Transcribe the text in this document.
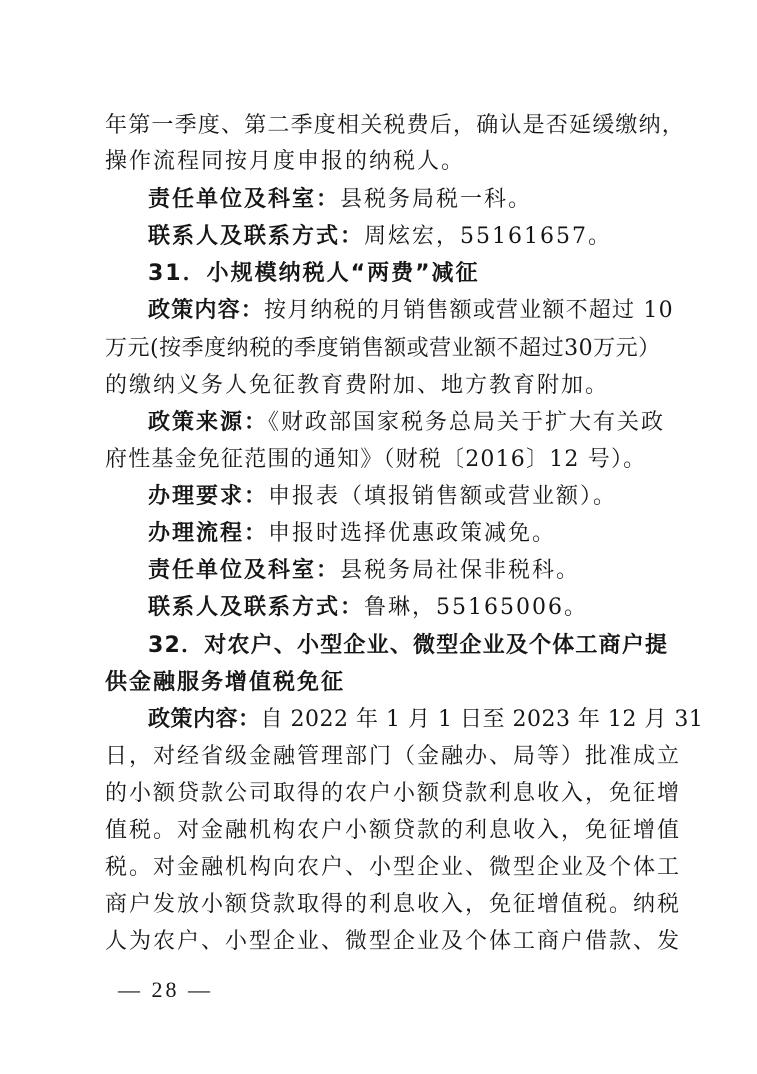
年第一季度、第二季度相关税费后，确认是否延缓缴纳，
操作流程同按月度申报的纳税人。
责任单位及科室：县税务局税一科。
联系人及联系方式：周炫宏，55161657。
31．小规模纳税人“两费”减征
政策内容：按月纳税的月销售额或营业额不超过 10
万元(按季度纳税的季度销售额或营业额不超过30万元）
的缴纳义务人免征教育费附加、地方教育附加。
政策来源：《财政部国家税务总局关于扩大有关政
府性基金免征范围的通知》（财税〔2016〕12 号）。
办理要求：申报表（填报销售额或营业额）。
办理流程：申报时选择优惠政策减免。
责任单位及科室：县税务局社保非税科。
联系人及联系方式：鲁琳，55165006。
32．对农户、小型企业、微型企业及个体工商户提
供金融服务增值税免征
政策内容：自 2022 年 1 月 1 日至 2023 年 12 月 31
日，对经省级金融管理部门（金融办、局等）批准成立
的小额贷款公司取得的农户小额贷款利息收入，免征增
值税。对金融机构农户小额贷款的利息收入，免征增值
税。对金融机构向农户、小型企业、微型企业及个体工
商户发放小额贷款取得的利息收入，免征增值税。纳税
人为农户、小型企业、微型企业及个体工商户借款、发
— 28 —
